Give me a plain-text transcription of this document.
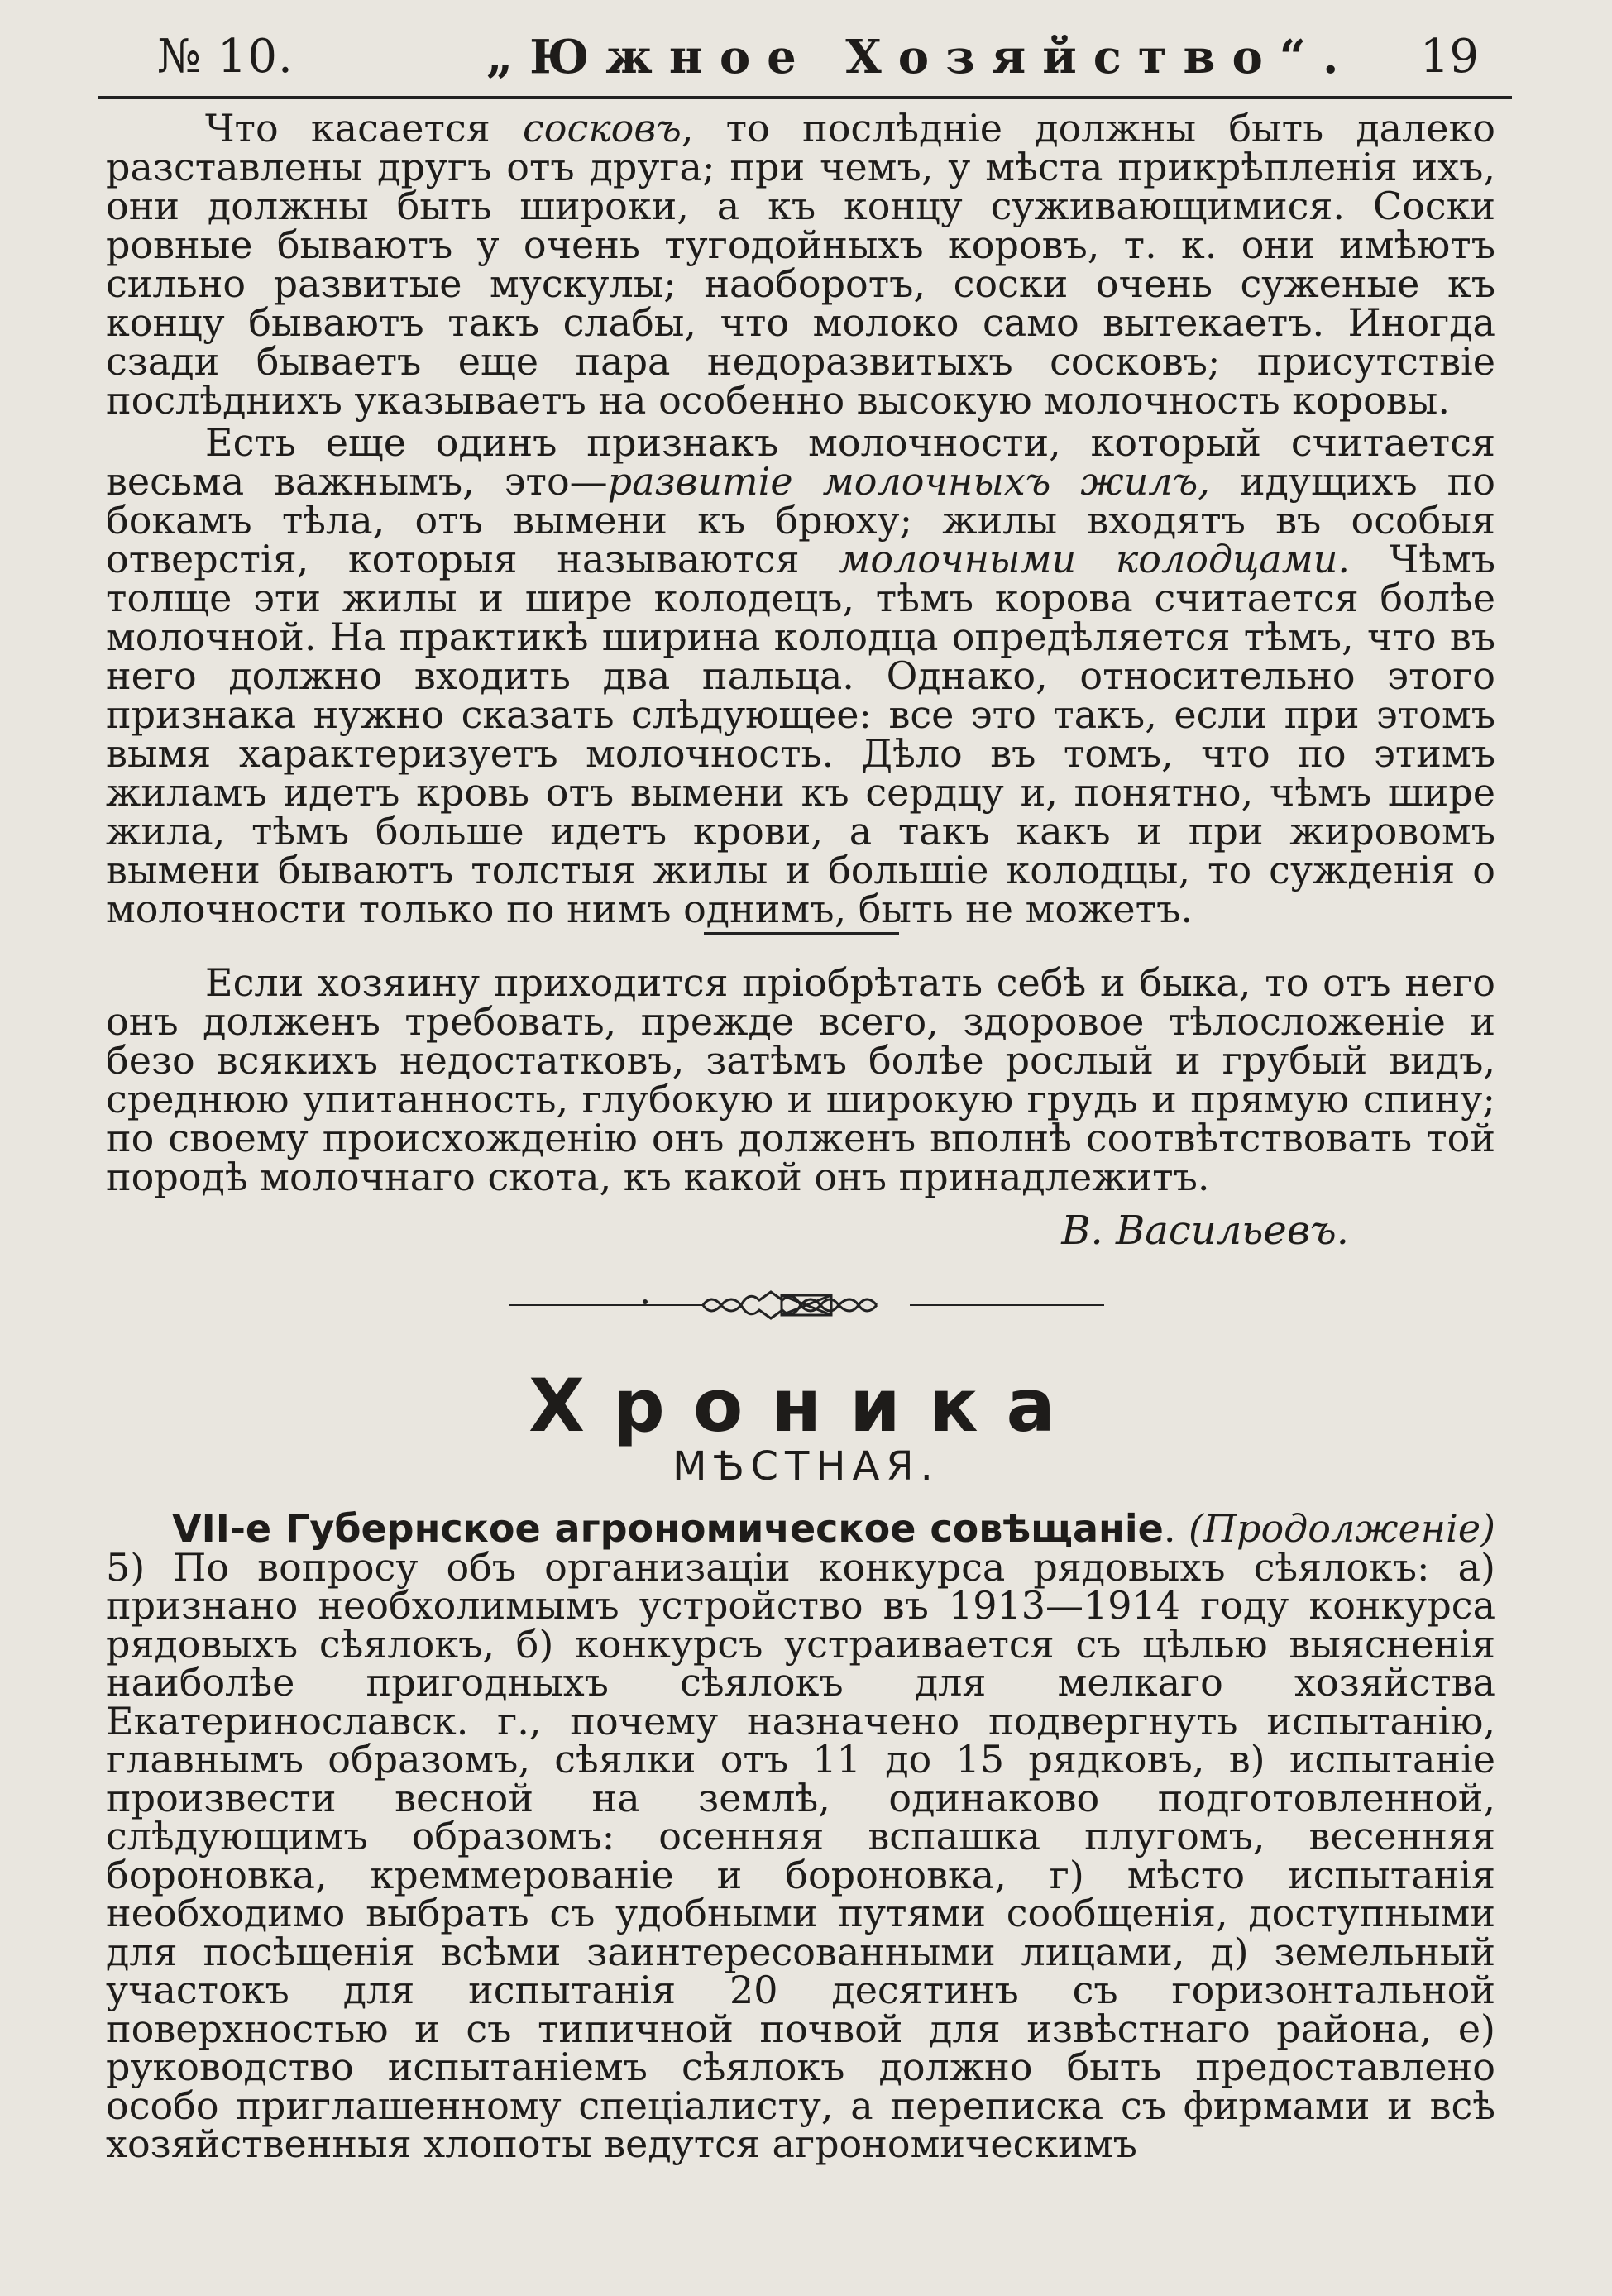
№ 10.	„Южное Хозяйство“. 19

Что касается сосковъ, то послѣдніе должны быть далеко разставлены другъ отъ друга; при чемъ, у мѣста прикрѣпленія ихъ, они должны быть широки, а къ концу суживающимися. Соски ровные бываютъ у очень тугодойныхъ коровъ, т. к. они имѣютъ сильно развитые мускулы; наоборотъ, соски очень суженые къ концу бываютъ такъ слабы, что молоко само вытекаетъ. Иногда сзади бываетъ еще пара недоразвитыхъ сосковъ; присутствіе послѣднихъ указываетъ на особенно высокую молочность коровы.

Есть еще одинъ признакъ молочности, который считается весьма важнымъ, это—развитіе молочныхъ жилъ, идущихъ по бокамъ тѣла, отъ вымени къ брюху; жилы входятъ въ особыя отверстія, которыя называются молочными колодцами. Чѣмъ толще эти жилы и шире колодецъ, тѣмъ корова считается болѣе молочной. На практикѣ ширина колодца опредѣляется тѣмъ, что въ него должно входить два пальца. Однако, относительно этого признака нужно сказать слѣдующее: все это такъ, если при этомъ вымя характеризуетъ молочность. Дѣло въ томъ, что по этимъ жиламъ идетъ кровь отъ вымени къ сердцу и, понятно, чѣмъ шире жила, тѣмъ больше идетъ крови, а такъ какъ и при жировомъ вымени бываютъ толстыя жилы и большіе колодцы, то сужденія о молочности только по нимъ однимъ, быть не можетъ.

Если хозяину приходится пріобрѣтать себѣ и быка, то отъ него онъ долженъ требовать, прежде всего, здоровое тѣлосложеніе и безо всякихъ недостатковъ, затѣмъ болѣе рослый и грубый видъ, среднюю упитанность, глубокую и широкую грудь и прямую спину; по своему происхожденію онъ долженъ вполнѣ соотвѣтствовать той породѣ молочнаго скота, къ какой онъ принадлежитъ.

В. Васильевъ.
Хроника
МѢСТНАЯ.

VII-е Губернское агрономическое совѣщаніе. (Продолженіе) 5) По вопросу объ организаціи конкурса рядовыхъ сѣялокъ: а) признано необхолимымъ устройство въ 1913—1914 году конкурса рядовыхъ сѣялокъ, б) конкурсъ устраивается съ цѣлью выясненія наиболѣе пригодныхъ сѣялокъ для мелкаго хозяйства Екатеринославск. г., почему назначено подвергнуть испытанію, главнымъ образомъ, сѣялки отъ 11 до 15 рядковъ, в) испытаніе произвести весной на землѣ, одинаково подготовленной, слѣдующимъ образомъ: осенняя вспашка плугомъ, весенняя бороновка, креммерованіе и бороновка, г) мѣсто испытанія необходимо выбрать съ удобными путями сообщенія, доступными для посѣщенія всѣми заинтересованными лицами, д) земельный участокъ для испытанія 20 десятинъ съ горизонтальной поверхностью и съ типичной почвой для извѣстнаго района, е) руководство испытаніемъ сѣялокъ должно быть предоставлено особо приглашенному спеціалисту, а переписка съ фирмами и всѣ хозяйственныя хлопоты ведутся агрономическимъ
